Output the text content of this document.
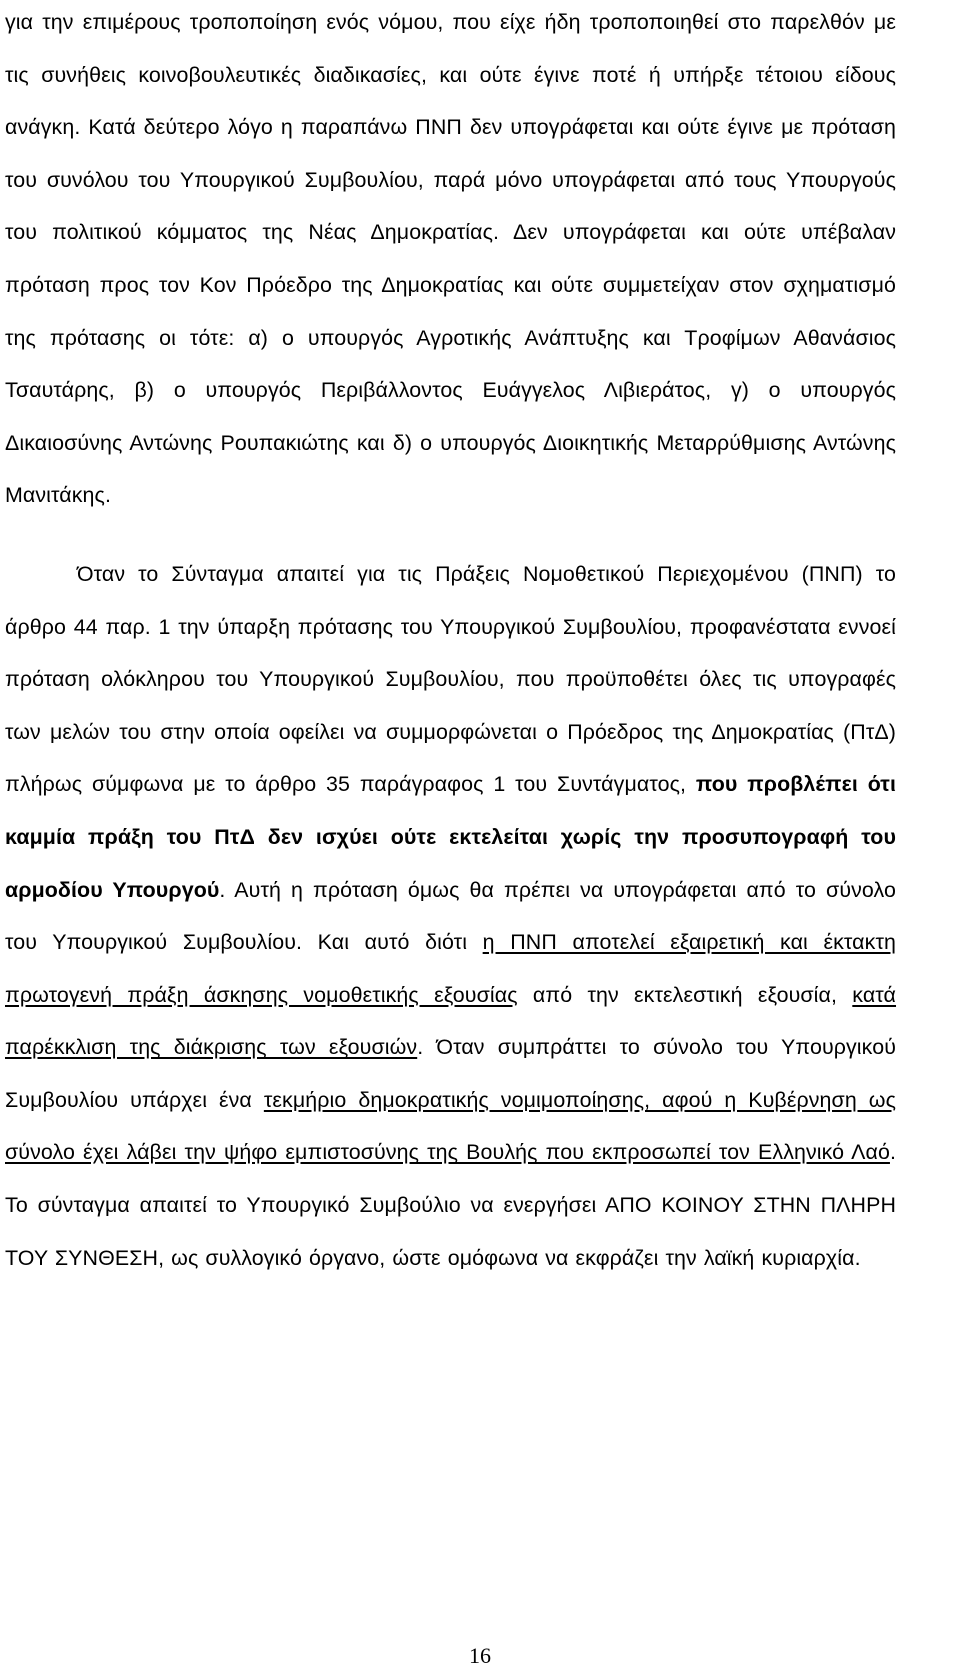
για την επιμέρους τροποποίηση ενός νόμου, που είχε ήδη τροποποιηθεί στο παρελθόν με τις συνήθεις κοινοβουλευτικές διαδικασίες, και ούτε έγινε ποτέ ή υπήρξε τέτοιου είδους ανάγκη. Κατά δεύτερο λόγο η παραπάνω ΠΝΠ δεν υπογράφεται και ούτε έγινε με πρόταση του συνόλου του Υπουργικού Συμβουλίου, παρά μόνο υπογράφεται από τους Υπουργούς του πολιτικού κόμματος της Νέας Δημοκρατίας. Δεν υπογράφεται και ούτε υπέβαλαν πρόταση προς τον Κον Πρόεδρο της Δημοκρατίας και ούτε συμμετείχαν στον σχηματισμό της πρότασης οι τότε: α) ο υπουργός Αγροτικής Ανάπτυξης και Τροφίμων Αθανάσιος Τσαυτάρης, β) ο υπουργός Περιβάλλοντος Ευάγγελος Λιβιεράτος, γ) ο υπουργός Δικαιοσύνης Αντώνης Ρουπακιώτης και δ) ο υπουργός Διοικητικής Μεταρρύθμισης Αντώνης Μανιτάκης.

Όταν το Σύνταγμα απαιτεί για τις Πράξεις Νομοθετικού Περιεχομένου (ΠΝΠ) το άρθρο 44 παρ. 1 την ύπαρξη πρότασης του Υπουργικού Συμβουλίου, προφανέστατα εννοεί πρόταση ολόκληρου του Υπουργικού Συμβουλίου, που προϋποθέτει όλες τις υπογραφές των μελών του στην οποία οφείλει να συμμορφώνεται ο Πρόεδρος της Δημοκρατίας (ΠτΔ) πλήρως σύμφωνα με το άρθρο 35 παράγραφος 1 του Συντάγματος, που προβλέπει ότι καμμία πράξη του ΠτΔ δεν ισχύει ούτε εκτελείται χωρίς την προσυπογραφή του αρμοδίου Υπουργού. Αυτή η πρόταση όμως θα πρέπει να υπογράφεται από το σύνολο του Υπουργικού Συμβουλίου. Και αυτό διότι η ΠΝΠ αποτελεί εξαιρετική και έκτακτη πρωτογενή πράξη άσκησης νομοθετικής εξουσίας από την εκτελεστική εξουσία, κατά παρέκκλιση της διάκρισης των εξουσιών. Όταν συμπράττει το σύνολο του Υπουργικού Συμβουλίου υπάρχει ένα τεκμήριο δημοκρατικής νομιμοποίησης, αφού η Κυβέρνηση ως σύνολο έχει λάβει την ψήφο εμπιστοσύνης της Βουλής που εκπροσωπεί τον Ελληνικό Λαό. Το σύνταγμα απαιτεί το Υπουργικό Συμβούλιο να ενεργήσει ΑΠΟ ΚΟΙΝΟΥ ΣΤΗΝ ΠΛΗΡΗ ΤΟΥ ΣΥΝΘΕΣΗ, ως συλλογικό όργανο, ώστε ομόφωνα να εκφράζει την λαϊκή κυριαρχία.

16
